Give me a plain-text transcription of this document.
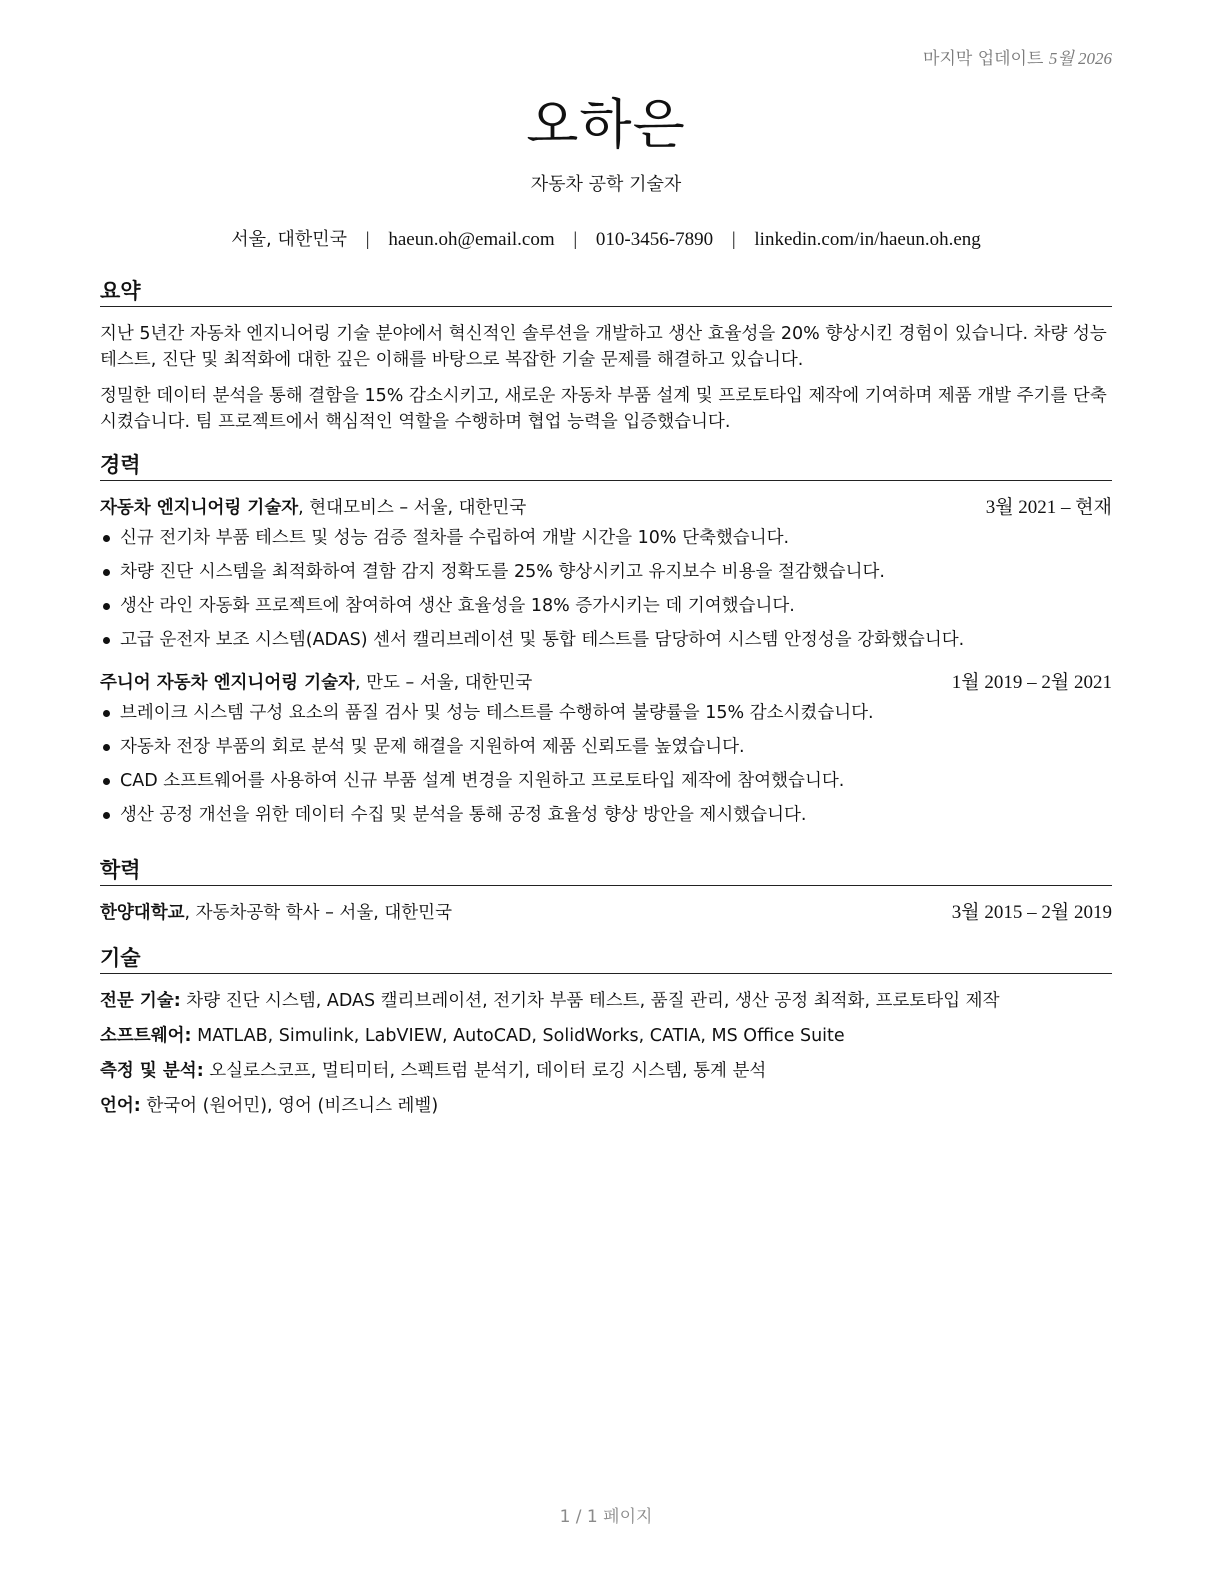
마지막 업데이트 5월 2026
오하은
자동차 공학 기술자
서울, 대한민국 | haeun.oh@email.com | 010-3456-7890 | linkedin.com/in/haeun.oh.eng
요약

지난 5년간 자동차 엔지니어링 기술 분야에서 혁신적인 솔루션을 개발하고 생산 효율성을 20% 향상시킨 경험이 있습니다. 차량 성능 테스트, 진단 및 최적화에 대한 깊은 이해를 바탕으로 복잡한 기술 문제를 해결하고 있습니다.

정밀한 데이터 분석을 통해 결함을 15% 감소시키고, 새로운 자동차 부품 설계 및 프로토타입 제작에 기여하며 제품 개발 주기를 단축시켰습니다. 팀 프로젝트에서 핵심적인 역할을 수행하며 협업 능력을 입증했습니다.

경력
자동차 엔지니어링 기술자, 현대모비스 – 서울, 대한민국	3월 2021 – 현재
신규 전기차 부품 테스트 및 성능 검증 절차를 수립하여 개발 시간을 10% 단축했습니다.
차량 진단 시스템을 최적화하여 결함 감지 정확도를 25% 향상시키고 유지보수 비용을 절감했습니다.
생산 라인 자동화 프로젝트에 참여하여 생산 효율성을 18% 증가시키는 데 기여했습니다.
고급 운전자 보조 시스템(ADAS) 센서 캘리브레이션 및 통합 테스트를 담당하여 시스템 안정성을 강화했습니다.
주니어 자동차 엔지니어링 기술자, 만도 – 서울, 대한민국	1월 2019 – 2월 2021
브레이크 시스템 구성 요소의 품질 검사 및 성능 테스트를 수행하여 불량률을 15% 감소시켰습니다.
자동차 전장 부품의 회로 분석 및 문제 해결을 지원하여 제품 신뢰도를 높였습니다.
CAD 소프트웨어를 사용하여 신규 부품 설계 변경을 지원하고 프로토타입 제작에 참여했습니다.
생산 공정 개선을 위한 데이터 수집 및 분석을 통해 공정 효율성 향상 방안을 제시했습니다.
학력
한양대학교, 자동차공학 학사 – 서울, 대한민국	3월 2015 – 2월 2019
기술
전문 기술: 차량 진단 시스템, ADAS 캘리브레이션, 전기차 부품 테스트, 품질 관리, 생산 공정 최적화, 프로토타입 제작
소프트웨어: MATLAB, Simulink, LabVIEW, AutoCAD, SolidWorks, CATIA, MS Office Suite
측정 및 분석: 오실로스코프, 멀티미터, 스펙트럼 분석기, 데이터 로깅 시스템, 통계 분석
언어: 한국어 (원어민), 영어 (비즈니스 레벨)
1 / 1 페이지
